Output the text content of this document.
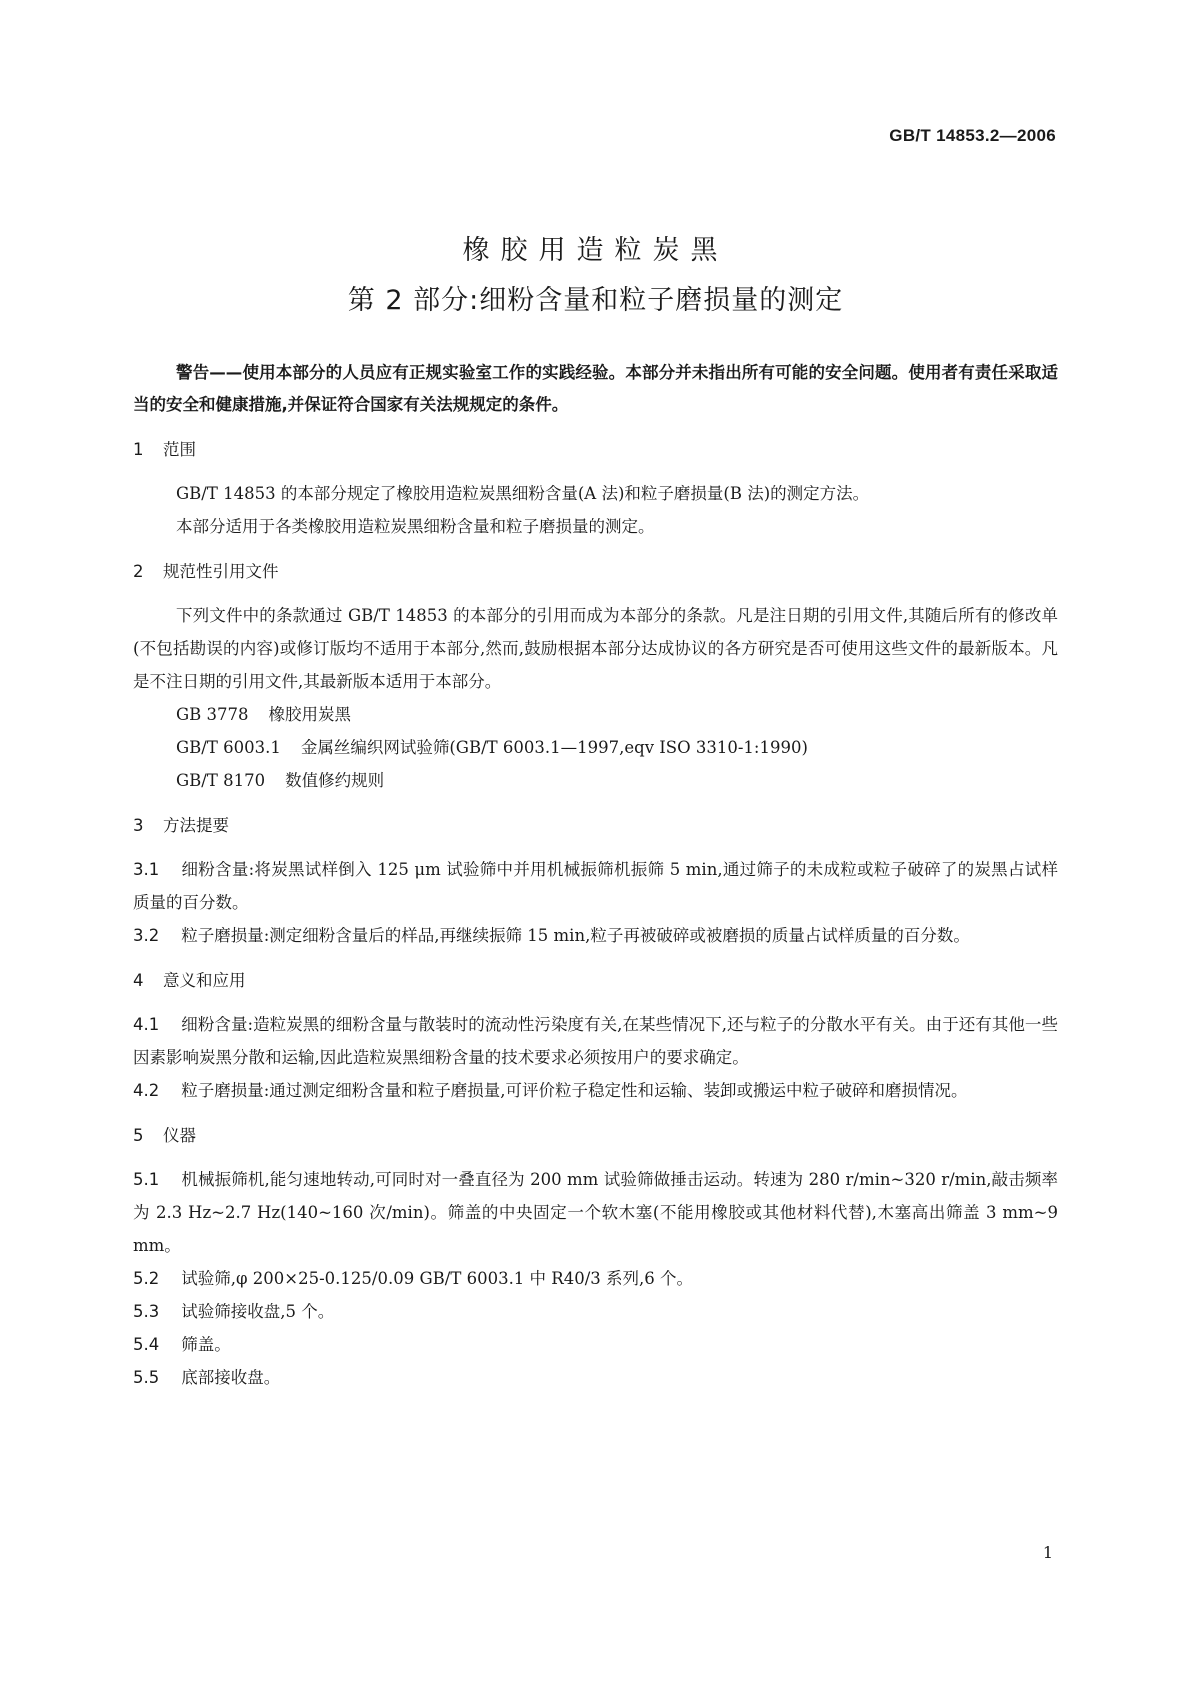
GB/T 14853.2—2006

橡胶用造粒炭黑

第 2 部分:细粉含量和粒子磨损量的测定

警告——使用本部分的人员应有正规实验室工作的实践经验。本部分并未指出所有可能的安全问题。使用者有责任采取适当的安全和健康措施,并保证符合国家有关法规规定的条件。

1 范围

GB/T 14853 的本部分规定了橡胶用造粒炭黑细粉含量(A 法)和粒子磨损量(B 法)的测定方法。

本部分适用于各类橡胶用造粒炭黑细粉含量和粒子磨损量的测定。

2 规范性引用文件

下列文件中的条款通过 GB/T 14853 的本部分的引用而成为本部分的条款。凡是注日期的引用文件,其随后所有的修改单(不包括勘误的内容)或修订版均不适用于本部分,然而,鼓励根据本部分达成协议的各方研究是否可使用这些文件的最新版本。凡是不注日期的引用文件,其最新版本适用于本部分。

GB 3778 橡胶用炭黑

GB/T 6003.1 金属丝编织网试验筛(GB/T 6003.1—1997,eqv ISO 3310-1:1990)

GB/T 8170 数值修约规则

3 方法提要

3.1 细粉含量:将炭黑试样倒入 125 μm 试验筛中并用机械振筛机振筛 5 min,通过筛子的未成粒或粒子破碎了的炭黑占试样质量的百分数。

3.2 粒子磨损量:测定细粉含量后的样品,再继续振筛 15 min,粒子再被破碎或被磨损的质量占试样质量的百分数。

4 意义和应用

4.1 细粉含量:造粒炭黑的细粉含量与散装时的流动性污染度有关,在某些情况下,还与粒子的分散水平有关。由于还有其他一些因素影响炭黑分散和运输,因此造粒炭黑细粉含量的技术要求必须按用户的要求确定。

4.2 粒子磨损量:通过测定细粉含量和粒子磨损量,可评价粒子稳定性和运输、装卸或搬运中粒子破碎和磨损情况。

5 仪器

5.1 机械振筛机,能匀速地转动,可同时对一叠直径为 200 mm 试验筛做捶击运动。转速为 280 r/min~320 r/min,敲击频率为 2.3 Hz~2.7 Hz(140~160 次/min)。筛盖的中央固定一个软木塞(不能用橡胶或其他材料代替),木塞高出筛盖 3 mm~9 mm。

5.2 试验筛,φ 200×25-0.125/0.09 GB/T 6003.1 中 R40/3 系列,6 个。

5.3 试验筛接收盘,5 个。

5.4 筛盖。

5.5 底部接收盘。

1
